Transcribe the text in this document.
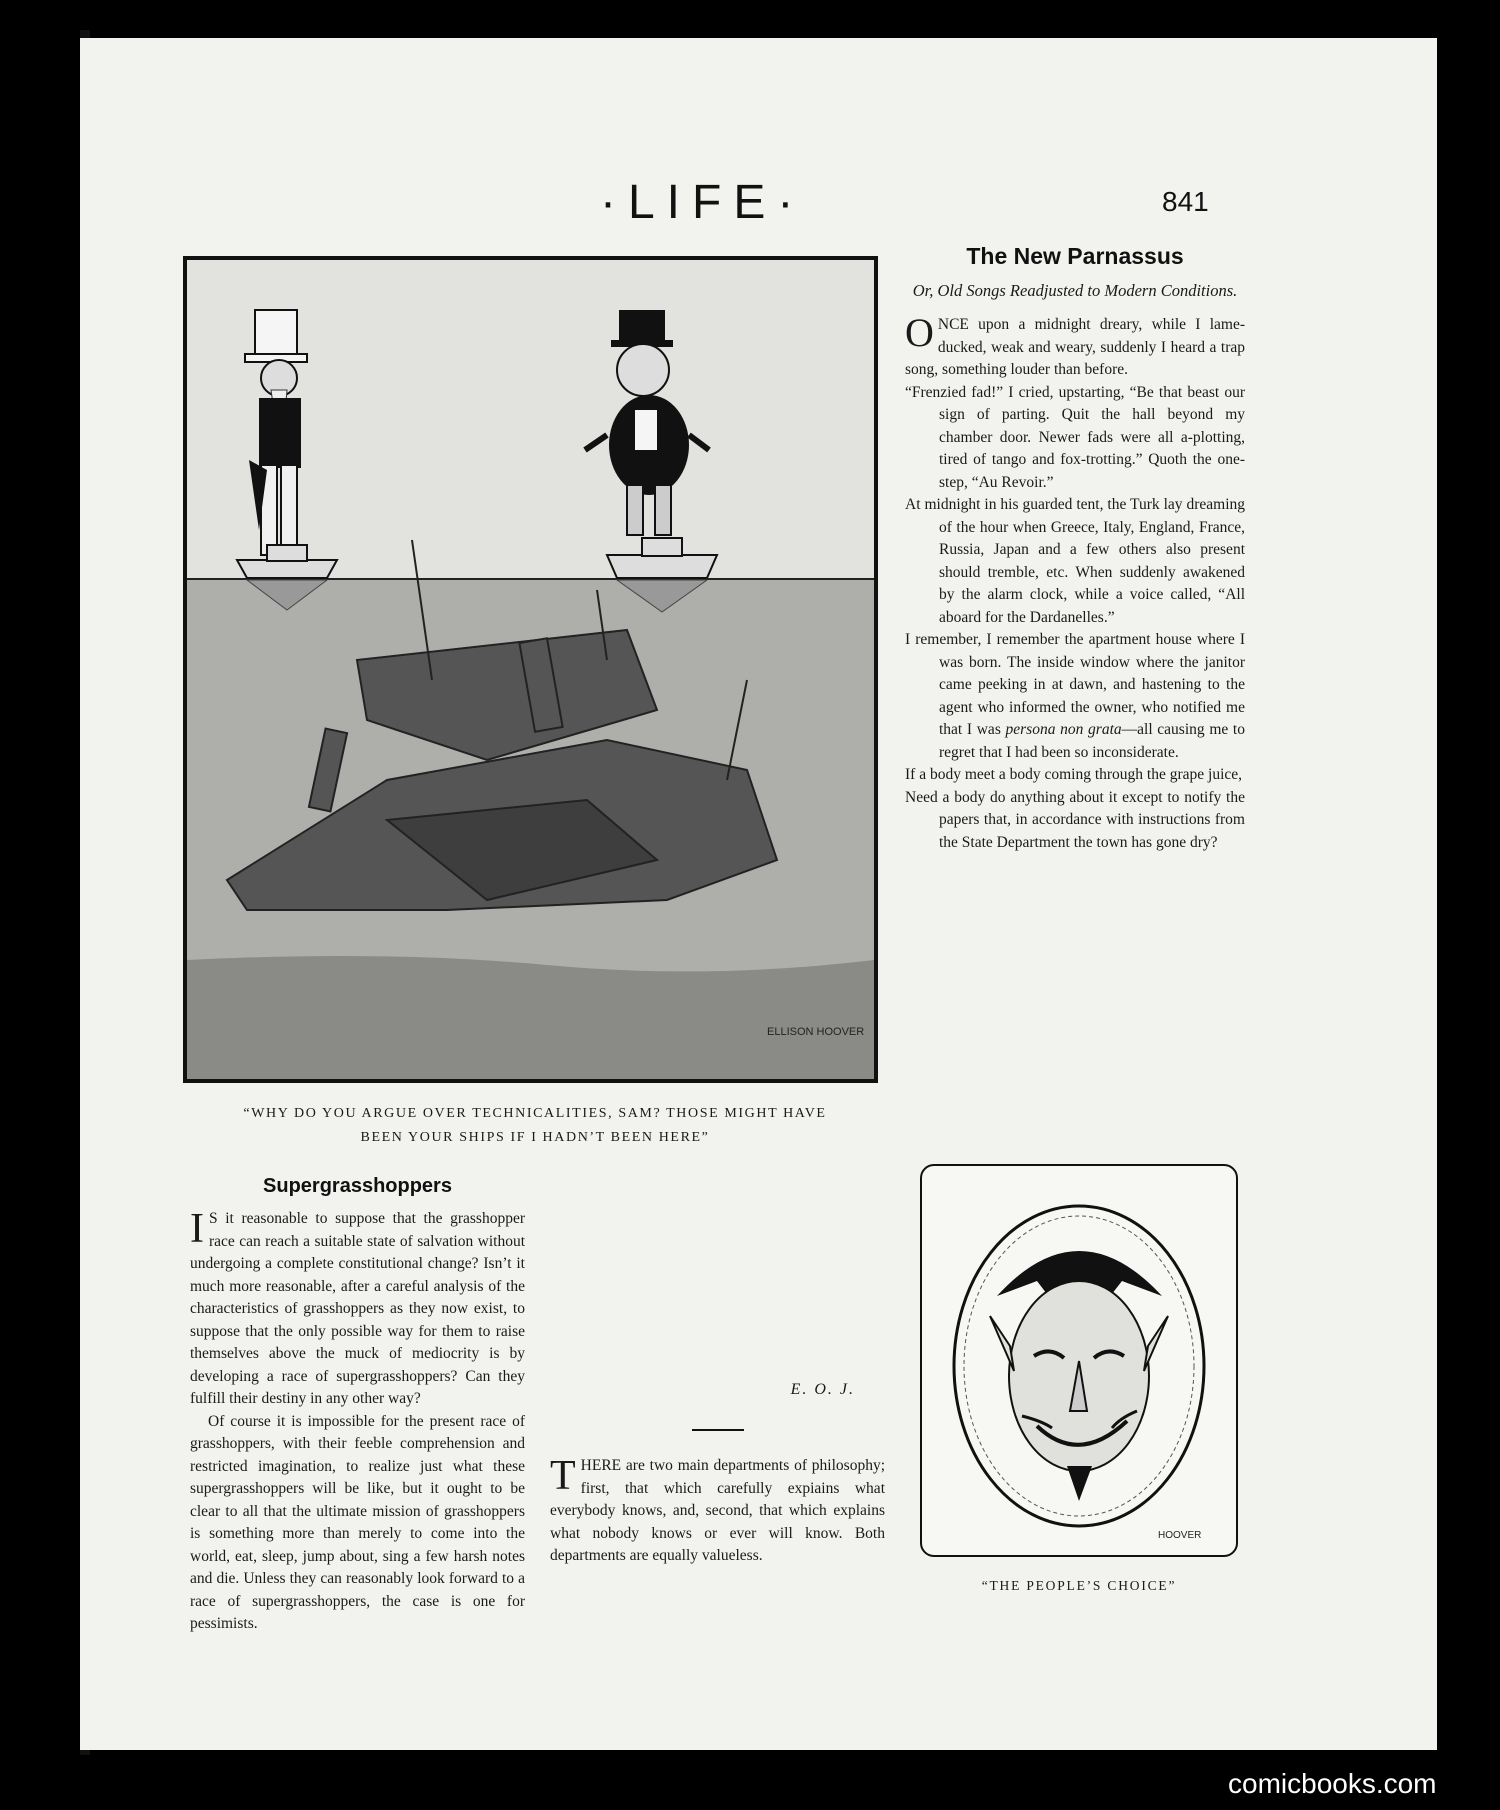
·LIFE·	841
ELLISON HOOVER
“WHY DO YOU ARGUE OVER TECHNICALITIES, SAM? THOSE MIGHT HAVE
BEEN YOUR SHIPS IF I HADN’T BEEN HERE”
The New Parnassus

Or, Old Songs Readjusted to Modern Conditions.

ONCE upon a midnight dreary, while I lame-ducked, weak and weary, suddenly I heard a trap song, something louder than before.

“Frenzied fad!” I cried, upstarting, “Be that beast our sign of parting. Quit the hall beyond my chamber door. Newer fads were all a-plotting, tired of tango and fox-trotting.” Quoth the one-step, “Au Revoir.”

At midnight in his guarded tent, the Turk lay dreaming of the hour when Greece, Italy, England, France, Russia, Japan and a few others also present should tremble, etc. When suddenly awakened by the alarm clock, while a voice called, “All aboard for the Dardanelles.”

I remember, I remember the apartment house where I was born. The inside window where the janitor came peeking in at dawn, and hastening to the agent who informed the owner, who notified me that I was persona non grata—all causing me to regret that I had been so inconsiderate.

If a body meet a body coming through the grape juice,

Need a body do anything about it except to notify the papers that, in accordance with instructions from the State Department the town has gone dry?

HOOVER
“THE PEOPLE’S CHOICE”
Supergrasshoppers

I S it reasonable to suppose that the grasshopper race can reach a suitable state of salvation without undergoing a complete constitutional change? Isn’t it much more reasonable, after a careful analysis of the characteristics of grasshoppers as they now exist, to suppose that the only possible way for them to raise themselves above the muck of mediocrity is by developing a race of supergrasshoppers? Can they fulfill their destiny in any other way?

Of course it is impossible for the present race of grasshoppers, with their feeble comprehension and restricted imagination, to realize just what these supergrasshoppers will be like, but it ought to be clear to all that the ultimate mission of grasshoppers is something more than merely to come into the world, eat, sleep, jump about, sing a few harsh notes and die. Unless they can reasonably look forward to a race of supergrasshoppers, the case is one for pessimists.

E. O. J.

THERE are two main departments of philosophy; first, that which carefully expiains what everybody knows, and, second, that which explains what nobody knows or ever will know. Both departments are equally valueless.

comicbooks.com
